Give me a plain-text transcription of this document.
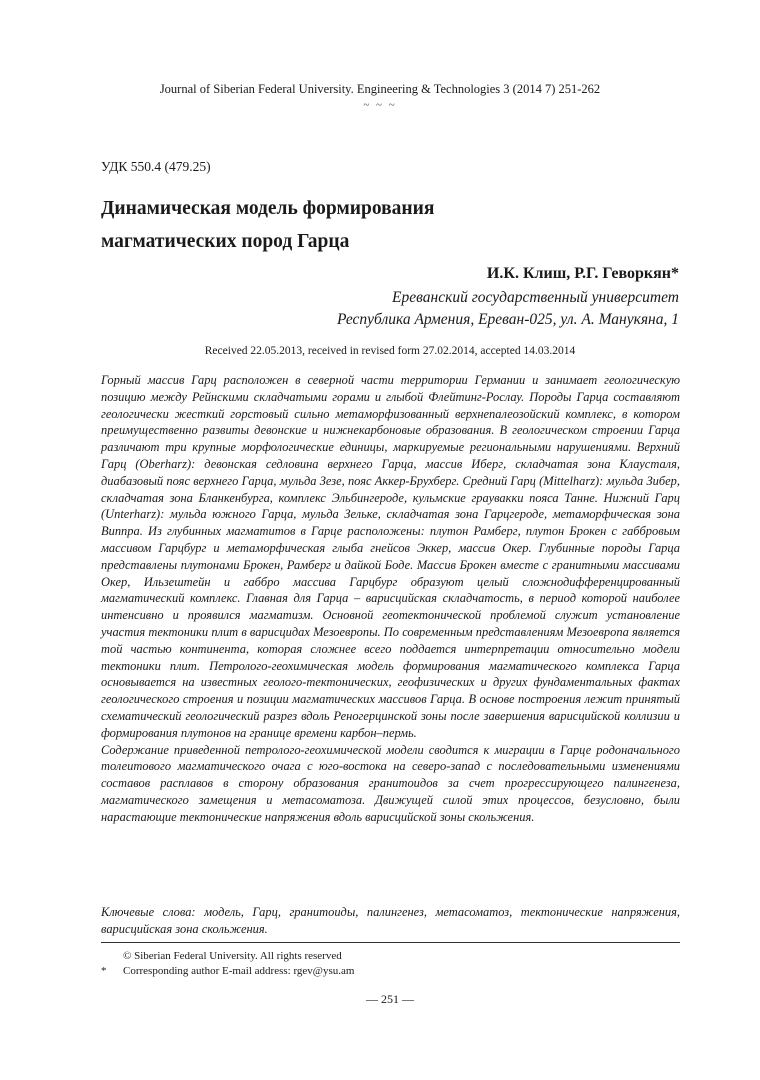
Journal of Siberian Federal University. Engineering & Technologies 3 (2014 7) 251-262
~ ~ ~
УДК 550.4 (479.25)
Динамическая модель формирования
магматических пород Гарца
И.К. Клиш, Р.Г. Геворкян*
Ереванский государственный университет
Республика Армения, Ереван-025, ул. А. Манукяна, 1
Received 22.05.2013, received in revised form 27.02.2014, accepted 14.03.2014

Горный массив Гарц расположен в северной части территории Германии и занимает геологическую позицию между Рейнскими складчатыми горами и глыбой Флейтинг-Рослау. Породы Гарца составляют геологически жесткий горстовый сильно метаморфизованный верхнепалеозойский комплекс, в котором преимущественно развиты девонские и нижнекарбоновые образования. В геологическом строении Гарца различают три крупные морфологические единицы, маркируемые региональными нарушениями. Верхний Гарц (Oberharz): девонская седловина верхнего Гарца, массив Иберг, складчатая зона Клаусталя, диабазовый пояс верхнего Гарца, мульда Зезе, пояс Аккер-Брухберг. Средний Гарц (Mittelharz): мульда Зибер, складчатая зона Бланкенбурга, комплекс Эльбингероде, кульмские граувакки пояса Танне. Нижний Гарц (Unterharz): мульда южного Гарца, мульда Зельке, складчатая зона Гарцгероде, метаморфическая зона Виппра. Из глубинных магматитов в Гарце расположены: плутон Рамберг, плутон Брокен с габбровым массивом Гарцбург и метаморфическая глыба гнейсов Эккер, массив Окер. Глубинные породы Гарца представлены плутонами Брокен, Рамберг и дайкой Боде. Массив Брокен вместе с гранитными массивами Окер, Ильзештейн и габбро массива Гарцбург образуют целый сложнодифференцированный магматический комплекс. Главная для Гарца – варисцийская складчатость, в период которой наиболее интенсивно и проявился магматизм. Основной геотектонической проблемой служит установление участия тектоники плит в варисцидах Мезоевропы. По современным представлениям Мезоевропа является той частью континента, которая сложнее всего поддается интерпретации относительно модели тектоники плит. Петролого-геохимическая модель формирования магматического комплекса Гарца основывается на известных геолого-тектонических, геофизических и других фундаментальных фактах геологического строения и позиции магматических массивов Гарца. В основе построения лежит принятый схематический геологический разрез вдоль Реногерцинской зоны после завершения варисцийской коллизии и формирования плутонов на границе времени карбон–пермь.

Содержание приведенной петролого-геохимической модели сводится к миграции в Гарце родоначального толеитового магматического очага с юго-востока на северо-запад с последовательными изменениями составов расплавов в сторону образования гранитоидов за счет прогрессирующего палингенеза, магматического замещения и метасоматоза. Движущей силой этих процессов, безусловно, были нарастающие тектонические напряжения вдоль варисцийской зоны скольжения.

Ключевые слова: модель, Гарц, гранитоиды, палингенез, метасоматоз, тектонические напряжения, варисцийская зона скольжения.

© Siberian Federal University. All rights reserved
* Corresponding author E-mail address: rgev@ysu.am
— 251 —
